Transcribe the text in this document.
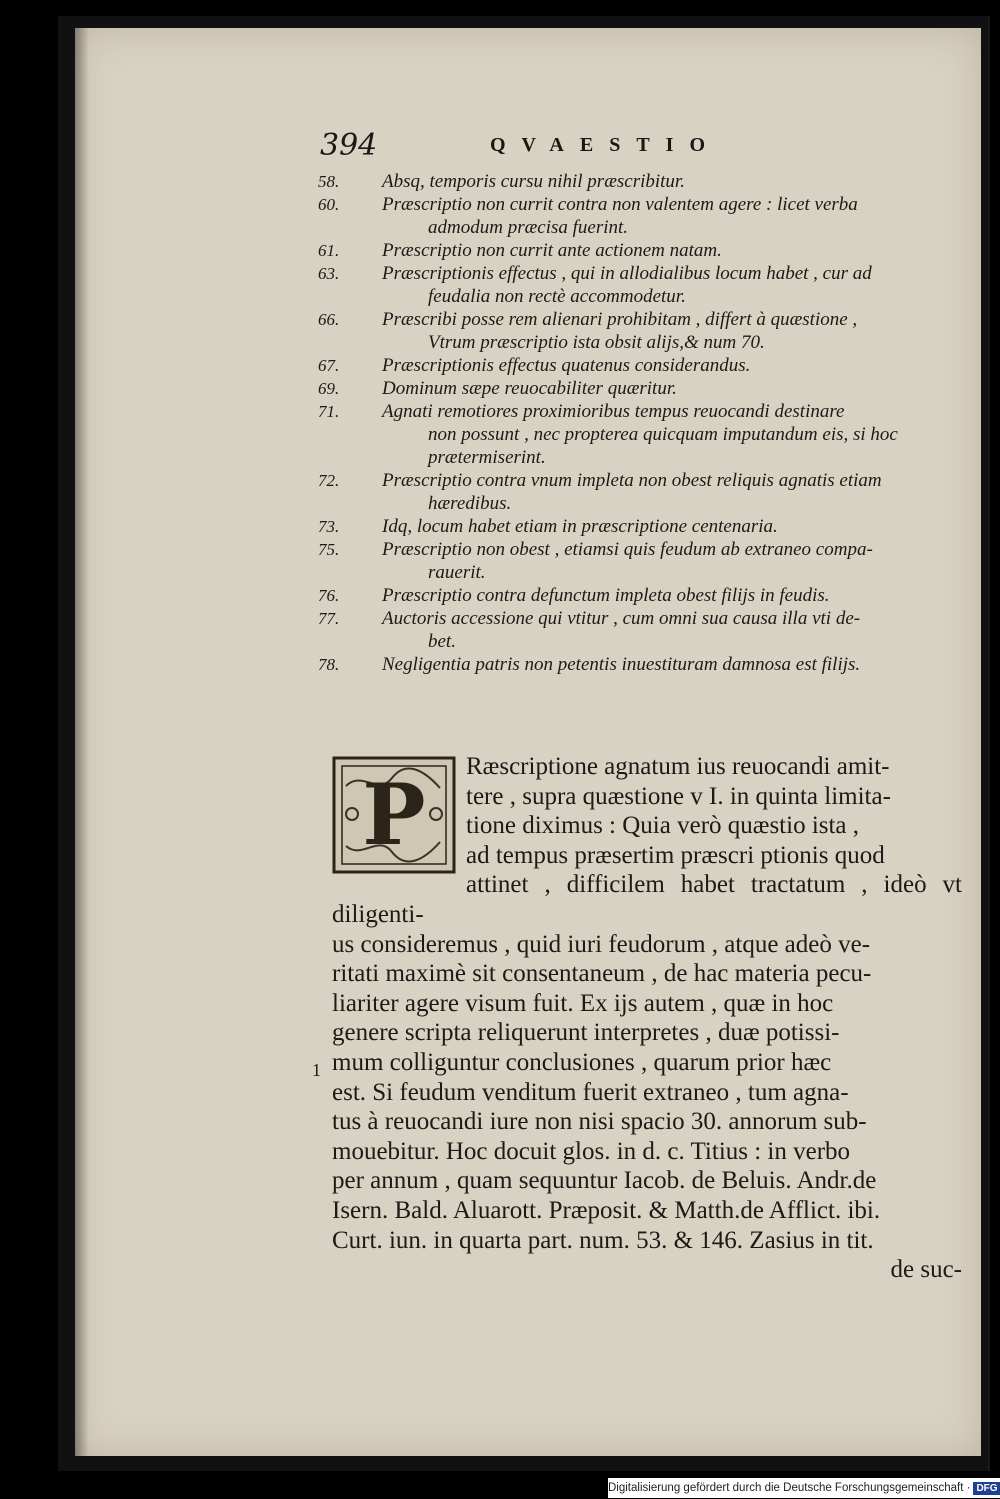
394	QVAESTIO
58. Absq, temporis cursu nihil præscribitur.
60. Præscriptio non currit contra non valentem agere : licet verba
admodum præcisa fuerint.
61. Præscriptio non currit ante actionem natam.
63. Præscriptionis effectus , qui in allodialibus locum habet , cur ad
feudalia non rectè accommodetur.
66. Præscribi posse rem alienari prohibitam , differt à quæstione ,
Vtrum præscriptio ista obsit alijs,& num 70.
67. Præscriptionis effectus quatenus considerandus.
69. Dominum sæpe reuocabiliter quæritur.
71. Agnati remotiores proximioribus tempus reuocandi destinare
non possunt , nec propterea quicquam imputandum eis, si hoc
prætermiserint.
72. Præscriptio contra vnum impleta non obest reliquis agnatis etiam
hæredibus.
73. Idq, locum habet etiam in præscriptione centenaria.
75. Præscriptio non obest , etiamsi quis feudum ab extraneo compa-
rauerit.
76. Præscriptio contra defunctum impleta obest filijs in feudis.
77. Auctoris accessione qui vtitur , cum omni sua causa illa vti de-
bet.
78. Negligentia patris non petentis inuestituram damnosa est filijs.
P	Ræscriptione agnatum ius reuocandi amit-
tere , supra quæstione v I. in quinta limita-
tione diximus : Quia verò quæstio ista ,
ad tempus præsertim præscri ptionis quod
attinet , difficilem habet tractatum , ideò vt diligenti-
us consideremus , quid iuri feudorum , atque adeò ve-
ritati maximè sit consentaneum , de hac materia pecu-
liariter agere visum fuit. Ex ijs autem , quæ in hoc
genere scripta reliquerunt interpretes , duæ potissi-
mum colliguntur conclusiones , quarum prior hæc
est. Si feudum venditum fuerit extraneo , tum agna-
tus à reuocandi iure non nisi spacio 30. annorum sub-
mouebitur. Hoc docuit glos. in d. c. Titius : in verbo
per annum , quam sequuntur Iacob. de Beluis. Andr.de
Isern. Bald. Aluarott. Præposit. & Matth.de Afflict. ibi.
Curt. iun. in quarta part. num. 53. & 146. Zasius in tit.
de suc-
1
Digitalisierung gefördert durch die Deutsche Forschungsgemeinschaft · DFG
